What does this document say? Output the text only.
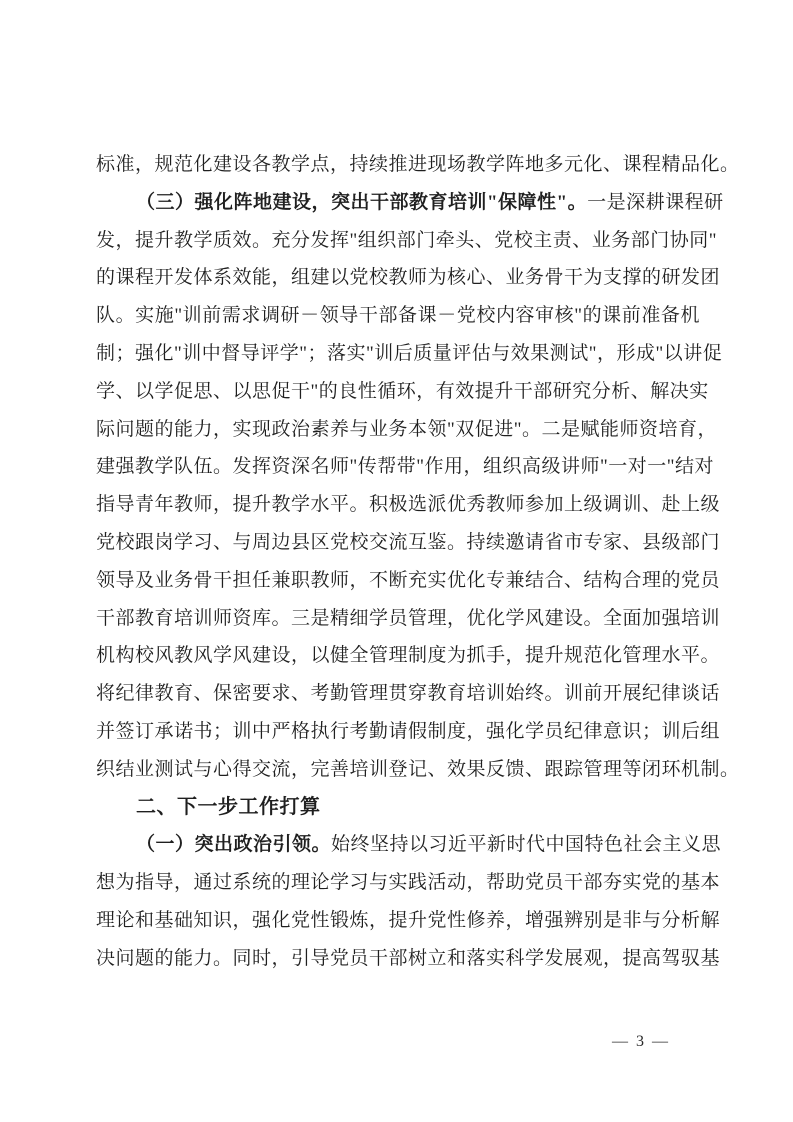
标准，规范化建设各教学点，持续推进现场教学阵地多元化、课程精品化。
（三）强化阵地建设，突出干部教育培训"保障性"。一是深耕课程研
发，提升教学质效。充分发挥"组织部门牵头、党校主责、业务部门协同"
的课程开发体系效能，组建以党校教师为核心、业务骨干为支撑的研发团
队。实施"训前需求调研－领导干部备课－党校内容审核"的课前准备机
制；强化"训中督导评学"；落实"训后质量评估与效果测试"，形成"以讲促
学、以学促思、以思促干"的良性循环，有效提升干部研究分析、解决实
际问题的能力，实现政治素养与业务本领"双促进"。二是赋能师资培育，
建强教学队伍。发挥资深名师"传帮带"作用，组织高级讲师"一对一"结对
指导青年教师，提升教学水平。积极选派优秀教师参加上级调训、赴上级
党校跟岗学习、与周边县区党校交流互鉴。持续邀请省市专家、县级部门
领导及业务骨干担任兼职教师，不断充实优化专兼结合、结构合理的党员
干部教育培训师资库。三是精细学员管理，优化学风建设。全面加强培训
机构校风教风学风建设，以健全管理制度为抓手，提升规范化管理水平。
将纪律教育、保密要求、考勤管理贯穿教育培训始终。训前开展纪律谈话
并签订承诺书；训中严格执行考勤请假制度，强化学员纪律意识；训后组
织结业测试与心得交流，完善培训登记、效果反馈、跟踪管理等闭环机制。
二、下一步工作打算
（一）突出政治引领。始终坚持以习近平新时代中国特色社会主义思
想为指导，通过系统的理论学习与实践活动，帮助党员干部夯实党的基本
理论和基础知识，强化党性锻炼，提升党性修养，增强辨别是非与分析解
决问题的能力。同时，引导党员干部树立和落实科学发展观，提高驾驭基
— 3 —
